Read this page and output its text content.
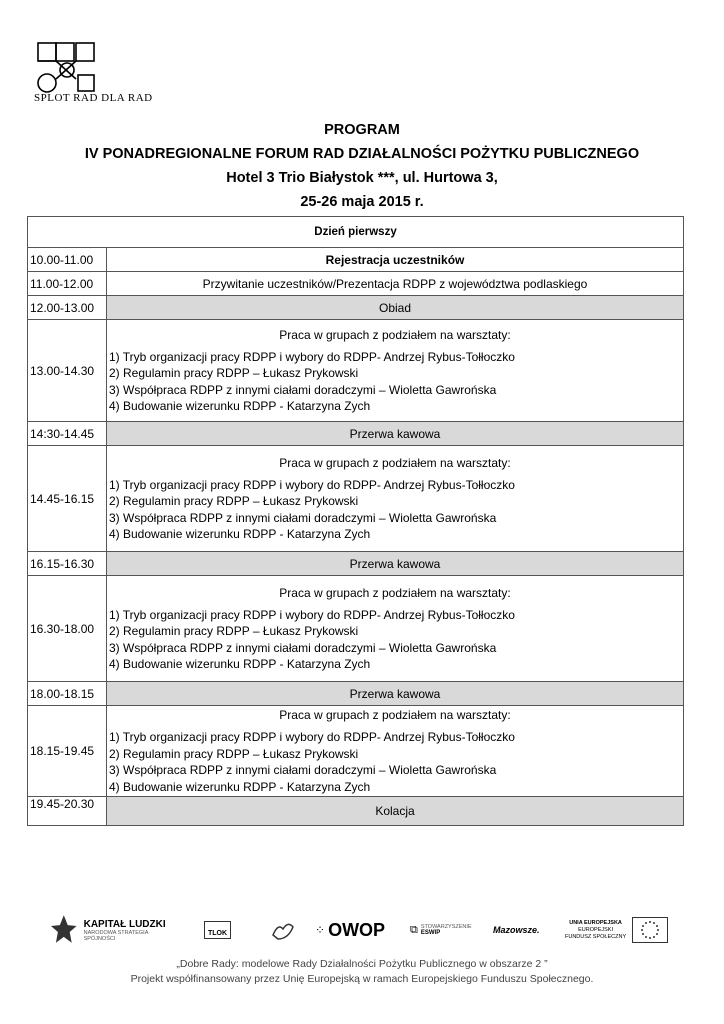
SPLOT RAD DLA RAD
PROGRAM
IV PONADREGIONALNE FORUM RAD DZIAŁALNOŚCI POŻYTKU PUBLICZNEGO
Hotel 3 Trio Białystok ***, ul. Hurtowa 3,
25-26 maja 2015 r.
Dzień pierwszy	
10.00-11.00	Rejestracja uczestników
11.00-12.00	Przywitanie uczestników/Prezentacja RDPP z województwa podlaskiego
12.00-13.00	Obiad
13.00-14.30	Praca w grupach z podziałem na warsztaty:
1) Tryb organizacji pracy RDPP i wybory do RDPP- Andrzej Rybus-Tołłoczko
2) Regulamin pracy RDPP – Łukasz Prykowski
3) Współpraca RDPP z innymi ciałami doradczymi – Wioletta Gawrońska
4) Budowanie wizerunku RDPP - Katarzyna Zych

14:30-14.45	Przerwa kawowa
14.45-16.15	Praca w grupach z podziałem na warsztaty:
1) Tryb organizacji pracy RDPP i wybory do RDPP- Andrzej Rybus-Tołłoczko
2) Regulamin pracy RDPP – Łukasz Prykowski
3) Współpraca RDPP z innymi ciałami doradczymi – Wioletta Gawrońska
4) Budowanie wizerunku RDPP - Katarzyna Zych

16.15-16.30	Przerwa kawowa
16.30-18.00	Praca w grupach z podziałem na warsztaty:
1) Tryb organizacji pracy RDPP i wybory do RDPP- Andrzej Rybus-Tołłoczko
2) Regulamin pracy RDPP – Łukasz Prykowski
3) Współpraca RDPP z innymi ciałami doradczymi – Wioletta Gawrońska
4) Budowanie wizerunku RDPP - Katarzyna Zych

18.00-18.15	Przerwa kawowa
18.15-19.45	Praca w grupach z podziałem na warsztaty:
1) Tryb organizacji pracy RDPP i wybory do RDPP- Andrzej Rybus-Tołłoczko
2) Regulamin pracy RDPP – Łukasz Prykowski
3) Współpraca RDPP z innymi ciałami doradczymi – Wioletta Gawrońska
4) Budowanie wizerunku RDPP - Katarzyna Zych

19.45-20.30	Kolacja
KAPITAŁ LUDZKI
NARODOWA STRATEGIA SPÓJNOŚCI
TLOK	⁘ OWOP ⧉ STOWARZYSZENIE
ESWIP	Mazowsze.
UNIA EUROPEJSKA
EUROPEJSKI
FUNDUSZ SPOŁECZNY
„Dobre Rady: modelowe Rady Działalności Pożytku Publicznego w obszarze 2 ”
Projekt współfinansowany przez Unię Europejską w ramach Europejskiego Funduszu Społecznego.
